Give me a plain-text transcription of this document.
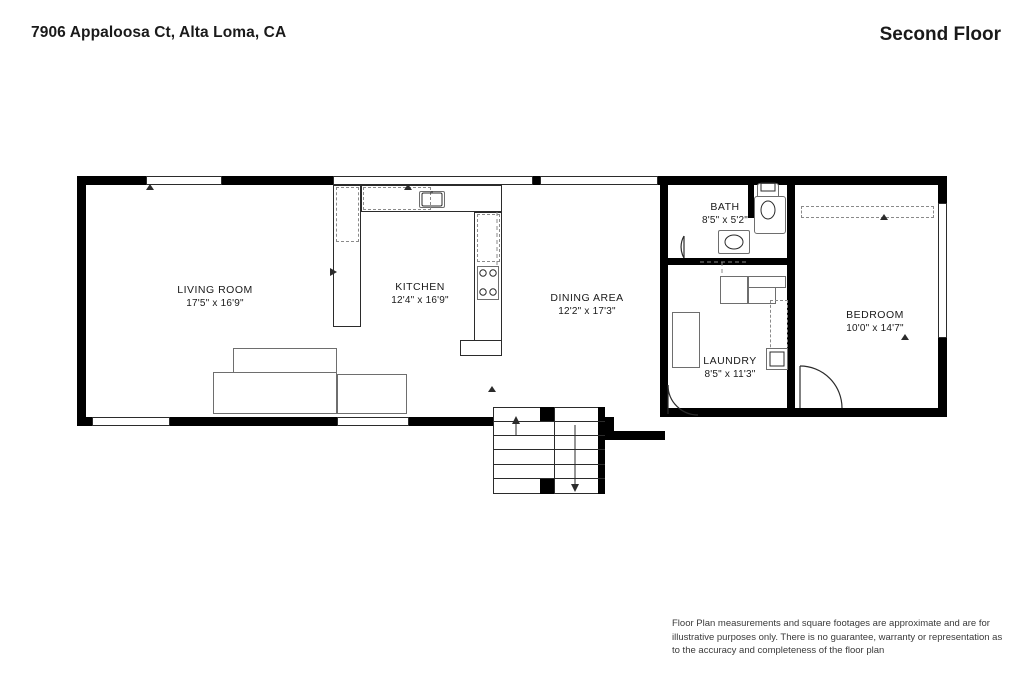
7906 Appaloosa Ct, Alta Loma, CA	Second Floor
LIVING ROOM
17'5" x 16'9"
KITCHEN
12'4" x 16'9"	DINING AREA
12'2" x 17'3"
BATH
8'5" x 5'2"
LAUNDRY
8'5" x 11'3"
BEDROOM
10'0" x 14'7"
Floor Plan measurements and square footages are approximate and are for illustrative purposes only. There is no guarantee, warranty or representation as to the accuracy and completeness of the floor plan
